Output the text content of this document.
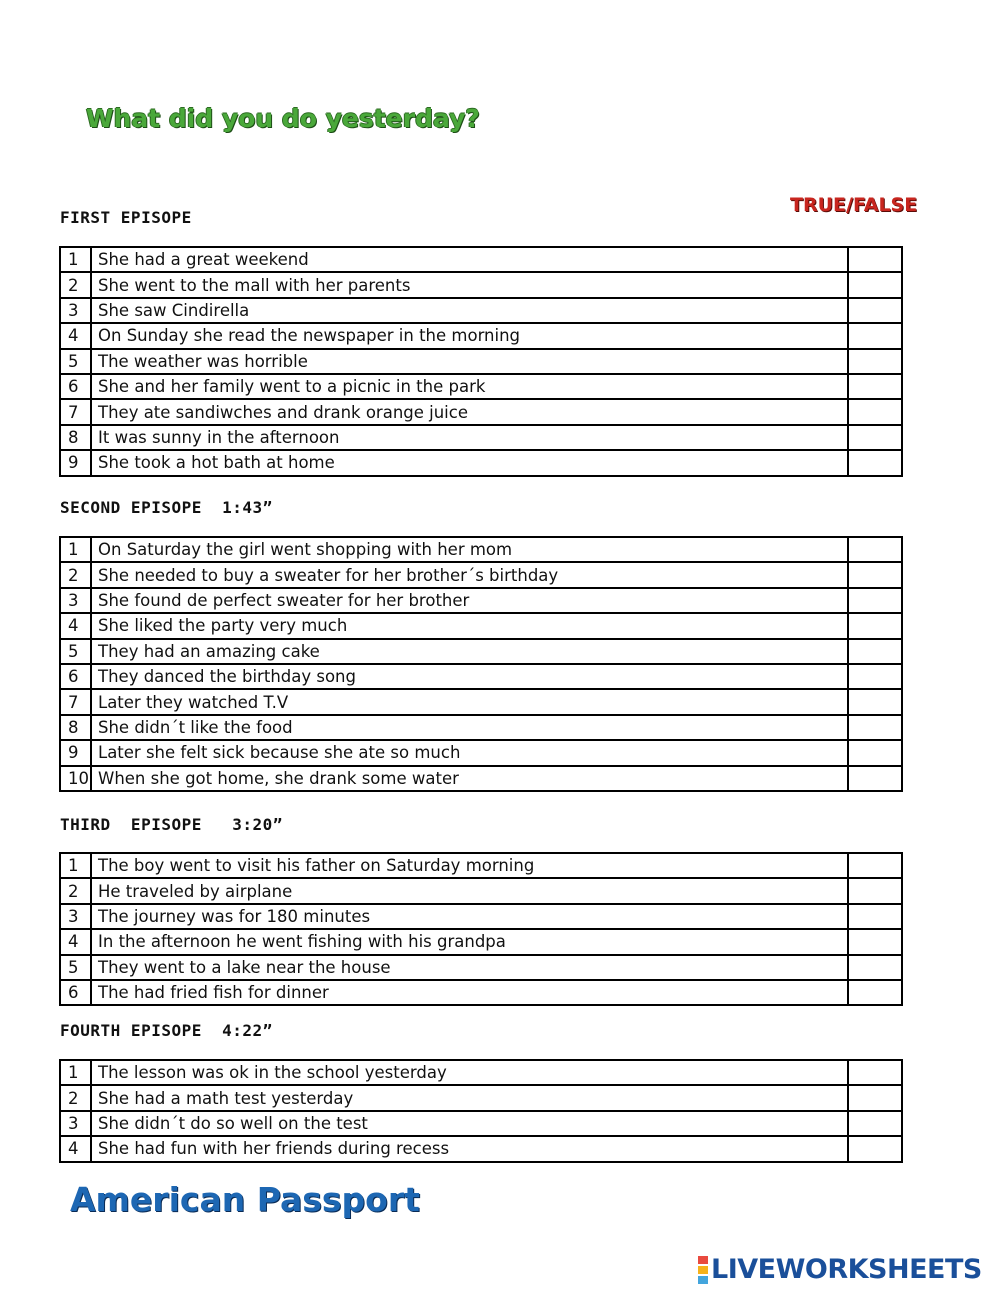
What did you do yesterday?
TRUE/FALSE
FIRST EPISOPE
1	She had a great weekend	
2	She went to the mall with her parents	
3	She saw Cindirella	
4	On Sunday she read the newspaper in the morning	
5	The weather was horrible	
6	She and her family went to a picnic in the park	
7	They ate sandiwches and drank orange juice	
8	It was sunny in the afternoon	
9	She took a hot bath at home	
SECOND EPISOPE  1:43”
1	On Saturday the girl went shopping with her mom	
2	She needed to buy a sweater for her brother´s birthday	
3	She found de perfect sweater for her brother	
4	She liked the party very much	
5	They had an amazing cake	
6	They danced the birthday song	
7	Later they watched T.V	
8	She didn´t like the food	
9	Later she felt sick because she ate so much	
10	When she got home, she drank some water	
THIRD  EPISOPE   3:20”
1	The boy went to visit his father on Saturday morning	
2	He traveled by airplane	
3	The journey was for 180 minutes	
4	In the afternoon he went fishing with his grandpa	
5	They went to a lake near the house	
6	The had fried fish for dinner	
FOURTH EPISOPE  4:22”
1	The lesson was ok in the school yesterday	
2	She had a math test yesterday	
3	She didn´t do so well on the test	
4	She had fun with her friends during recess	
American Passport
LIVEWORKSHEETS
